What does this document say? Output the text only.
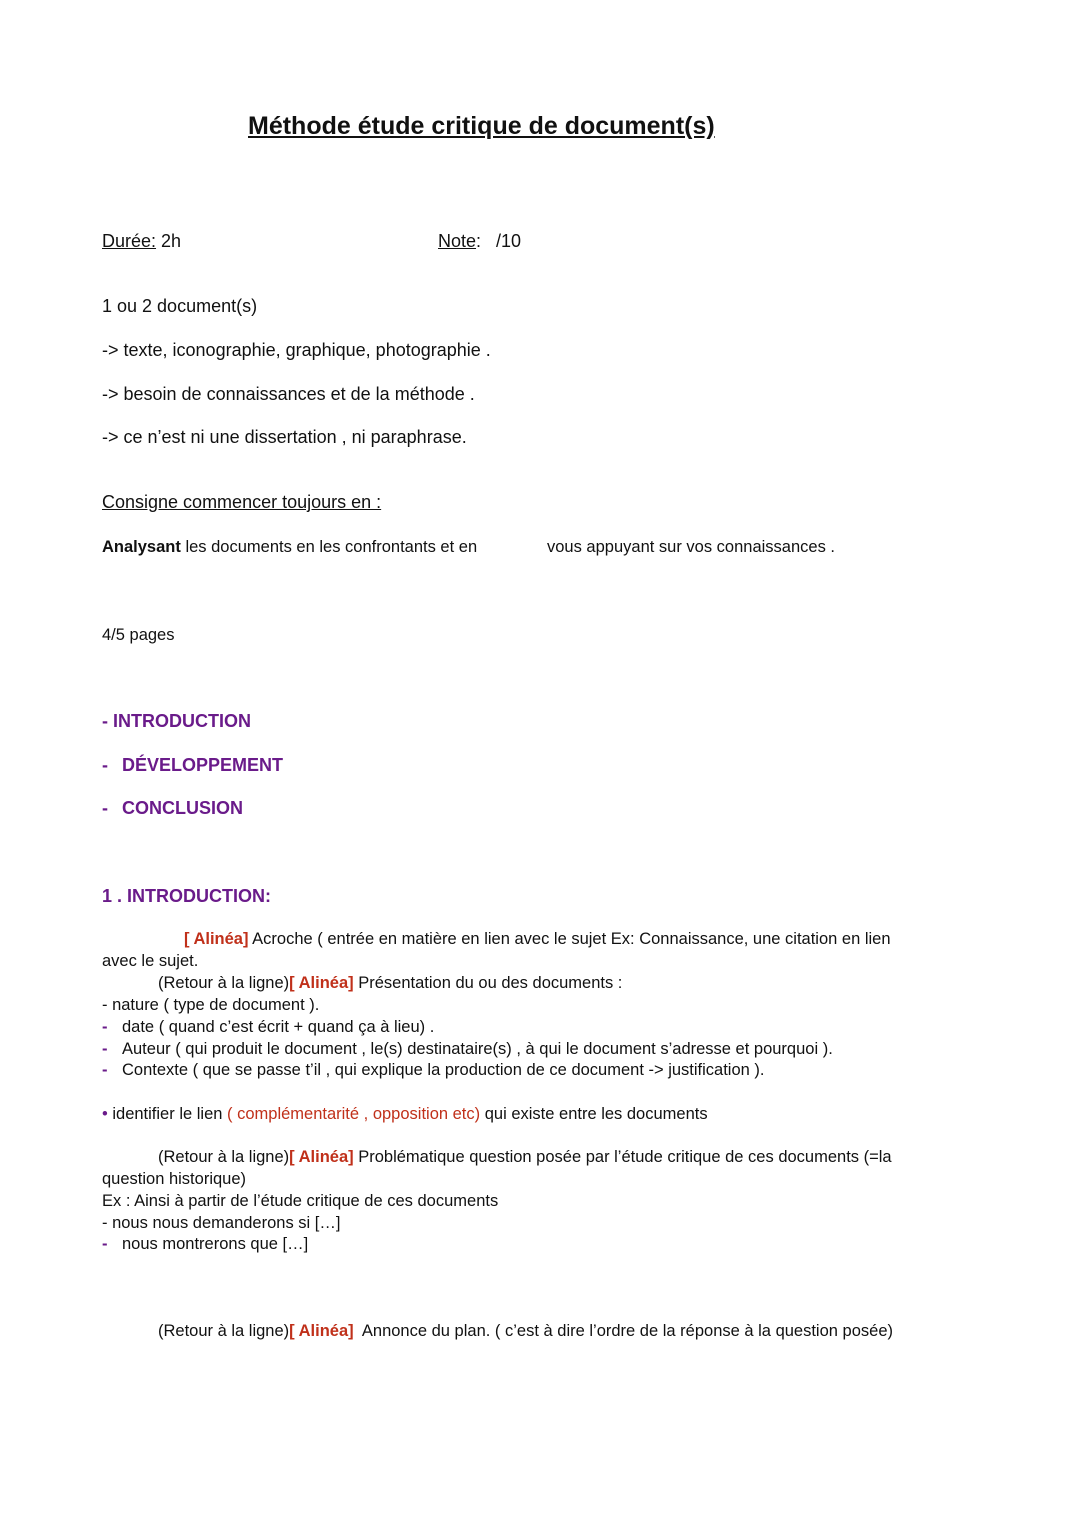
Méthode étude critique de document(s)
Durée: 2h	Note:   /10
1 ou 2 document(s)
-> texte, iconographie, graphique, photographie .
-> besoin de connaissances et de la méthode .
-> ce n’est ni une dissertation , ni paraphrase.
Consigne commencer toujours en :
Analysant les documents en les confrontants et en	vous appuyant sur vos connaissances .
4/5 pages
- INTRODUCTION
- DÉVELOPPEMENT
- CONCLUSION
1 . INTRODUCTION:
[ Alinéa] Acroche ( entrée en matière en lien avec le sujet Ex: Connaissance, une citation en lien
avec le sujet.
(Retour à la ligne)[ Alinéa] Présentation du ou des documents :
- nature ( type de document ).
- date ( quand c’est écrit + quand ça à lieu) .
- Auteur ( qui produit le document , le(s) destinataire(s) , à qui le document s’adresse et pourquoi ).
- Contexte ( que se passe t’il , qui explique la production de ce document -> justification ).
• identifier le lien ( complémentarité , opposition etc) qui existe entre les documents
(Retour à la ligne)[ Alinéa] Problématique question posée par l’étude critique de ces documents (=la
question historique)
Ex : Ainsi à partir de l’étude critique de ces documents
- nous nous demanderons si […]
- nous montrerons que […]
(Retour à la ligne)[ Alinéa]  Annonce du plan. ( c’est à dire l’ordre de la réponse à la question posée)
